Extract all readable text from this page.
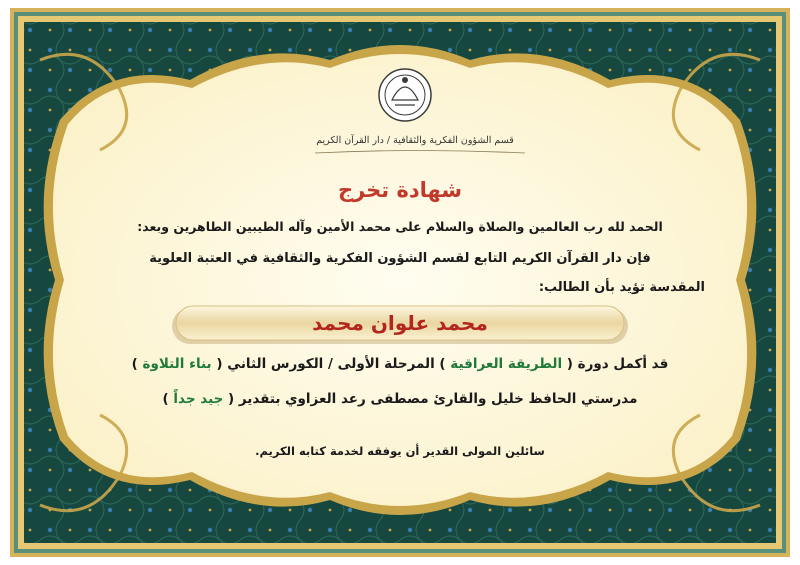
قسم الشؤون الفكرية والثقافية / دار القرآن الكريم
شهادة تخرج
الحمد لله رب العالمين والصلاة والسلام على محمد الأمين وآله الطيبين الطاهرين وبعد:
فإن دار القرآن الكريم التابع لقسم الشؤون الفكرية والثقافية في العتبة العلوية
المقدسة تؤيد بأن الطالب:
محمد علوان محمد
قد أكمل دورة ( الطريقة العراقية ) المرحلة الأولى / الكورس الثاني ( بناء التلاوة )
مدرستي الحافظ خليل والقارئ مصطفى رعد العزاوي بتقدير ( جيد جداً )
سائلين المولى القدير أن يوفقه لخدمة كتابه الكريم.
